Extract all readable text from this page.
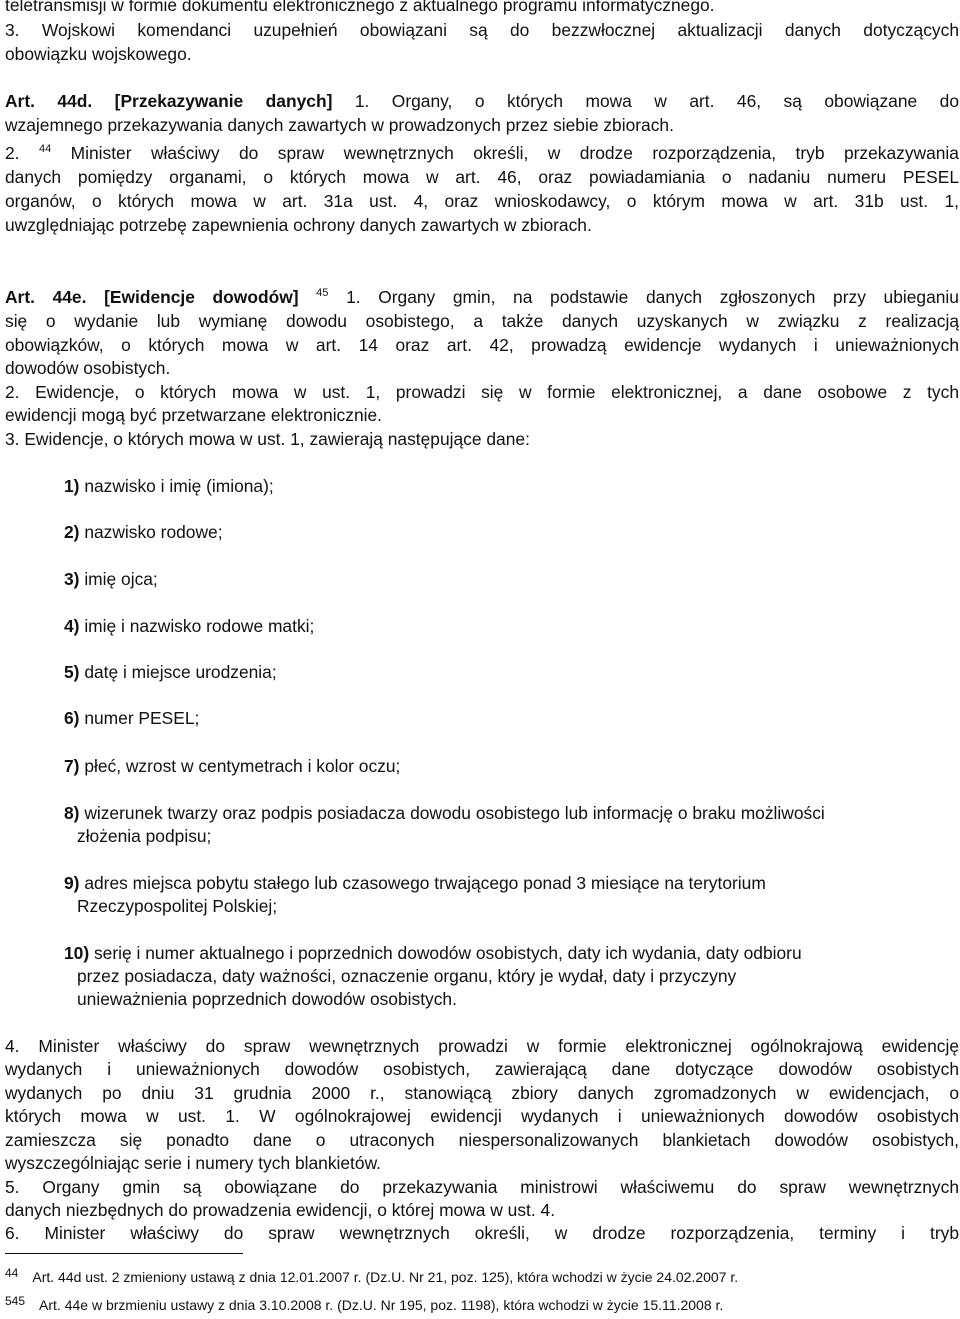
teletransmisji w formie dokumentu elektronicznego z aktualnego programu informatycznego.
3. Wojskowi komendanci uzupełnień obowiązani są do bezzwłocznej aktualizacji danych dotyczących
obowiązku wojskowego.
Art. 44d. [Przekazywanie danych] 1. Organy, o których mowa w art. 46, są obowiązane do
wzajemnego przekazywania danych zawartych w prowadzonych przez siebie zbiorach.
2. $^{44}$ Minister właściwy do spraw wewnętrznych określi, w drodze rozporządzenia, tryb przekazywania
danych pomiędzy organami, o których mowa w art. 46, oraz powiadamiania o nadaniu numeru PESEL
organów, o których mowa w art. 31a ust. 4, oraz wnioskodawcy, o którym mowa w art. 31b ust. 1,
uwzględniając potrzebę zapewnienia ochrony danych zawartych w zbiorach.
Art. 44e. [Ewidencje dowodów] $^{45}$ 1. Organy gmin, na podstawie danych zgłoszonych przy ubieganiu
się o wydanie lub wymianę dowodu osobistego, a także danych uzyskanych w związku z realizacją
obowiązków, o których mowa w art. 14 oraz art. 42, prowadzą ewidencje wydanych i unieważnionych
dowodów osobistych.
2. Ewidencje, o których mowa w ust. 1, prowadzi się w formie elektronicznej, a dane osobowe z tych
ewidencji mogą być przetwarzane elektronicznie.
3. Ewidencje, o których mowa w ust. 1, zawierają następujące dane:
1) nazwisko i imię (imiona);
2) nazwisko rodowe;
3) imię ojca;
4) imię i nazwisko rodowe matki;
5) datę i miejsce urodzenia;
6) numer PESEL;
7) płeć, wzrost w centymetrach i kolor oczu;
8) wizerunek twarzy oraz podpis posiadacza dowodu osobistego lub informację o braku możliwości
złożenia podpisu;
9) adres miejsca pobytu stałego lub czasowego trwającego ponad 3 miesiące na terytorium
Rzeczypospolitej Polskiej;
10) serię i numer aktualnego i poprzednich dowodów osobistych, daty ich wydania, daty odbioru
przez posiadacza, daty ważności, oznaczenie organu, który je wydał, daty i przyczyny
unieważnienia poprzednich dowodów osobistych.
4. Minister właściwy do spraw wewnętrznych prowadzi w formie elektronicznej ogólnokrajową ewidencję
wydanych i unieważnionych dowodów osobistych, zawierającą dane dotyczące dowodów osobistych
wydanych po dniu 31 grudnia 2000 r., stanowiącą zbiory danych zgromadzonych w ewidencjach, o
których mowa w ust. 1. W ogólnokrajowej ewidencji wydanych i unieważnionych dowodów osobistych
zamieszcza się ponadto dane o utraconych niespersonalizowanych blankietach dowodów osobistych,
wyszczególniając serie i numery tych blankietów.
5. Organy gmin są obowiązane do przekazywania ministrowi właściwemu do spraw wewnętrznych
danych niezbędnych do prowadzenia ewidencji, o której mowa w ust. 4.
6. Minister właściwy do spraw wewnętrznych określi, w drodze rozporządzenia, terminy i tryb
44 Art. 44d ust. 2 zmieniony ustawą z dnia 12.01.2007 r. (Dz.U. Nr 21, poz. 125), która wchodzi w życie 24.02.2007 r.
545 Art. 44e w brzmieniu ustawy z dnia 3.10.2008 r. (Dz.U. Nr 195, poz. 1198), która wchodzi w życie 15.11.2008 r.
